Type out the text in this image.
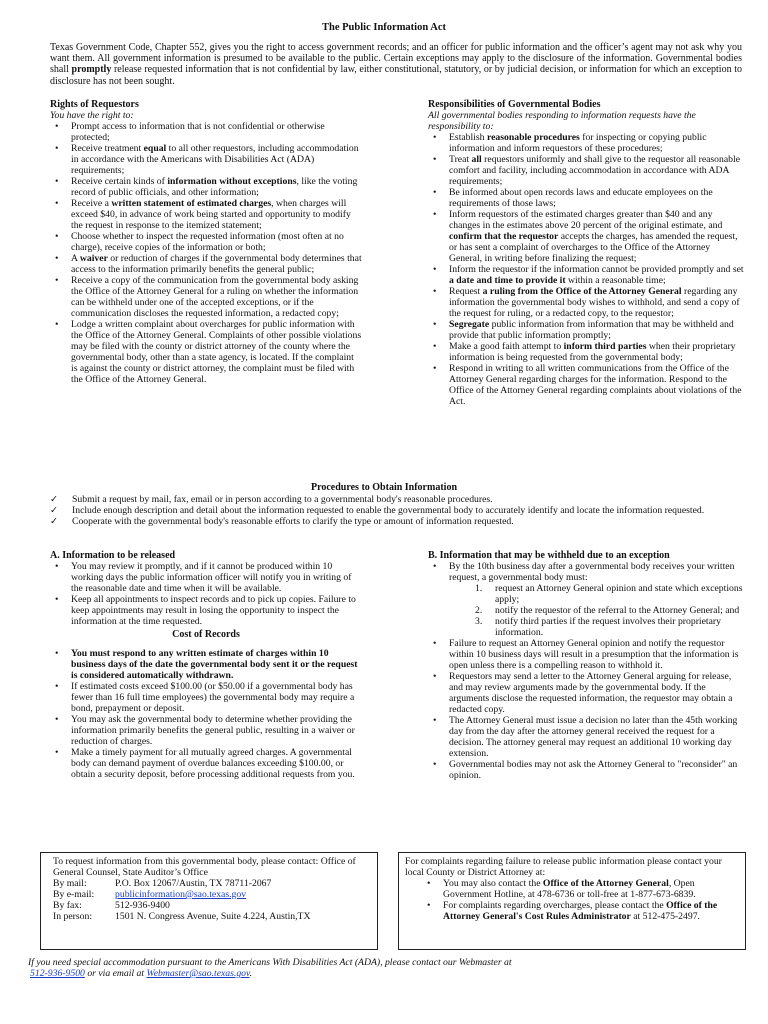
The Public Information Act
Texas Government Code, Chapter 552, gives you the right to access government records; and an officer for public information and the officer’s agent may not ask why you want them. All government information is presumed to be available to the public. Certain exceptions may apply to the disclosure of the information. Governmental bodies shall promptly release requested information that is not confidential by law, either constitutional, statutory, or by judicial decision, or information for which an exception to disclosure has not been sought.
Rights of Requestors
You have the right to:
• Prompt access to information that is not confidential or otherwise protected;
• Receive treatment equal to all other requestors, including accommodation in accordance with the Americans with Disabilities Act (ADA) requirements;
• Receive certain kinds of information without exceptions, like the voting record of public officials, and other information;
• Receive a written statement of estimated charges, when charges will exceed $40, in advance of work being started and opportunity to modify the request in response to the itemized statement;
• Choose whether to inspect the requested information (most often at no charge), receive copies of the information or both;
• A waiver or reduction of charges if the governmental body determines that access to the information primarily benefits the general public;
• Receive a copy of the communication from the governmental body asking the Office of the Attorney General for a ruling on whether the information can be withheld under one of the accepted exceptions, or if the communication discloses the requested information, a redacted copy;
• Lodge a written complaint about overcharges for public information with the Office of the Attorney General. Complaints of other possible violations may be filed with the county or district attorney of the county where the governmental body, other than a state agency, is located. If the complaint is against the county or district attorney, the complaint must be filed with the Office of the Attorney General.
Responsibilities of Governmental Bodies
All governmental bodies responding to information requests have the responsibility to:
• Establish reasonable procedures for inspecting or copying public information and inform requestors of these procedures;
• Treat all requestors uniformly and shall give to the requestor all reasonable comfort and facility, including accommodation in accordance with ADA requirements;
• Be informed about open records laws and educate employees on the requirements of those laws;
• Inform requestors of the estimated charges greater than $40 and any changes in the estimates above 20 percent of the original estimate, and confirm that the requestor accepts the charges, has amended the request, or has sent a complaint of overcharges to the Office of the Attorney General, in writing before finalizing the request;
• Inform the requestor if the information cannot be provided promptly and set a date and time to provide it within a reasonable time;
• Request a ruling from the Office of the Attorney General regarding any information the governmental body wishes to withhold, and send a copy of the request for ruling, or a redacted copy, to the requestor;
• Segregate public information from information that may be withheld and provide that public information promptly;
• Make a good faith attempt to inform third parties when their proprietary information is being requested from the governmental body;
• Respond in writing to all written communications from the Office of the Attorney General regarding charges for the information. Respond to the Office of the Attorney General regarding complaints about violations of the Act.
Procedures to Obtain Information
✓ Submit a request by mail, fax, email or in person according to a governmental body's reasonable procedures.
✓ Include enough description and detail about the information requested to enable the governmental body to accurately identify and locate the information requested.
✓ Cooperate with the governmental body's reasonable efforts to clarify the type or amount of information requested.
A. Information to be released
• You may review it promptly, and if it cannot be produced within 10 working days the public information officer will notify you in writing of the reasonable date and time when it will be available.
• Keep all appointments to inspect records and to pick up copies. Failure to keep appointments may result in losing the opportunity to inspect the information at the time requested.
Cost of Records
• You must respond to any written estimate of charges within 10 business days of the date the governmental body sent it or the request is considered automatically withdrawn.
• If estimated costs exceed $100.00 (or $50.00 if a governmental body has fewer than 16 full time employees) the governmental body may require a bond, prepayment or deposit.
• You may ask the governmental body to determine whether providing the information primarily benefits the general public, resulting in a waiver or reduction of charges.
• Make a timely payment for all mutually agreed charges. A governmental body can demand payment of overdue balances exceeding $100.00, or obtain a security deposit, before processing additional requests from you.
B. Information that may be withheld due to an exception
• By the 10th business day after a governmental body receives your written request, a governmental body must:
1. request an Attorney General opinion and state which exceptions apply;
2. notify the requestor of the referral to the Attorney General; and
3. notify third parties if the request involves their proprietary information.
• Failure to request an Attorney General opinion and notify the requestor within 10 business days will result in a presumption that the information is open unless there is a compelling reason to withhold it.
• Requestors may send a letter to the Attorney General arguing for release, and may review arguments made by the governmental body. If the arguments disclose the requested information, the requestor may obtain a redacted copy.
• The Attorney General must issue a decision no later than the 45th working day from the day after the attorney general received the request for a decision. The attorney general may request an additional 10 working day extension.
• Governmental bodies may not ask the Attorney General to "reconsider" an opinion.
To request information from this governmental body, please contact: Office of General Counsel, State Auditor’s Office
By mail:	P.O. Box 12067/Austin, TX 78711-2067
By e-mail:	publicinformation@sao.texas.gov
By fax:	512-936-9400
In person:	1501 N. Congress Avenue, Suite 4.224, Austin,TX
For complaints regarding failure to release public information please contact your local County or District Attorney at:
• You may also contact the Office of the Attorney General, Open Government Hotline, at 478-6736 or toll-free at 1-877-673-6839.
• For complaints regarding overcharges, please contact the Office of the Attorney General's Cost Rules Administrator at 512-475-2497.
If you need special accommodation pursuant to the Americans With Disabilities Act (ADA), please contact our Webmaster at
512-936-9500 or via email at Webmaster@sao.texas.gov.
